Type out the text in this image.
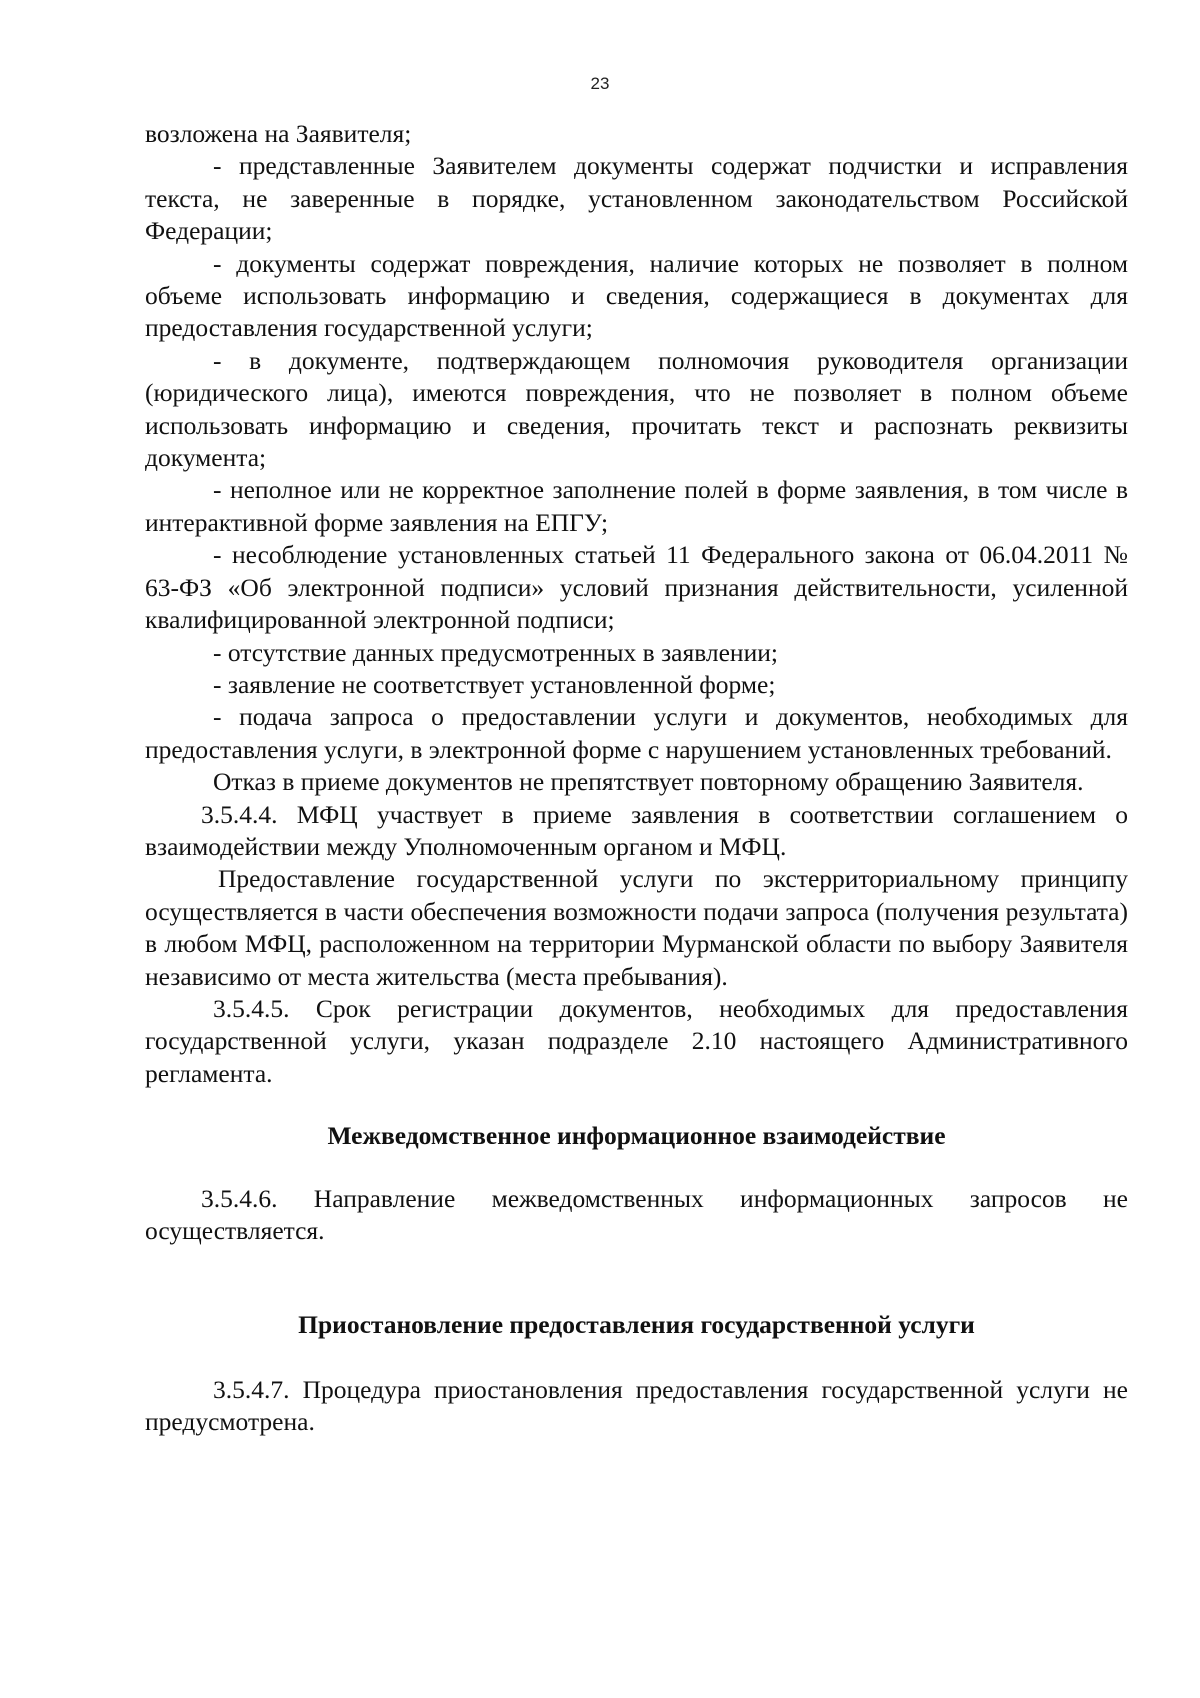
23

возложена на Заявителя;

- представленные Заявителем документы содержат подчистки и исправления текста, не заверенные в порядке, установленном законодательством Российской Федерации;

- документы содержат повреждения, наличие которых не позволяет в полном объеме использовать информацию и сведения, содержащиеся в документах для предоставления государственной услуги;

- в документе, подтверждающем полномочия руководителя организации (юридического лица), имеются повреждения, что не позволяет в полном объеме использовать информацию и сведения, прочитать текст и распознать реквизиты документа;

- неполное или не корректное заполнение полей в форме заявления, в том числе в интерактивной форме заявления на ЕПГУ;

- несоблюдение установленных статьей 11 Федерального закона от 06.04.2011 № 63-ФЗ «Об электронной подписи» условий признания действительности, усиленной квалифицированной электронной подписи;

- отсутствие данных предусмотренных в заявлении;

- заявление не соответствует установленной форме;

- подача запроса о предоставлении услуги и документов, необходимых для предоставления услуги, в электронной форме с нарушением установленных требований.

Отказ в приеме документов не препятствует повторному обращению Заявителя.

3.5.4.4. МФЦ участвует в приеме заявления в соответствии соглашением о взаимодействии между Уполномоченным органом и МФЦ.

Предоставление государственной услуги по экстерриториальному принципу осуществляется в части обеспечения возможности подачи запроса (получения результата) в любом МФЦ, расположенном на территории Мурманской области по выбору Заявителя независимо от места жительства (места пребывания).

3.5.4.5. Срок регистрации документов, необходимых для предоставления государственной услуги, указан подразделе 2.10 настоящего Административного регламента.

Межведомственное информационное взаимодействие

3.5.4.6. Направление межведомственных информационных запросов не осуществляется.

Приостановление предоставления государственной услуги

3.5.4.7. Процедура приостановления предоставления государственной услуги не предусмотрена.
